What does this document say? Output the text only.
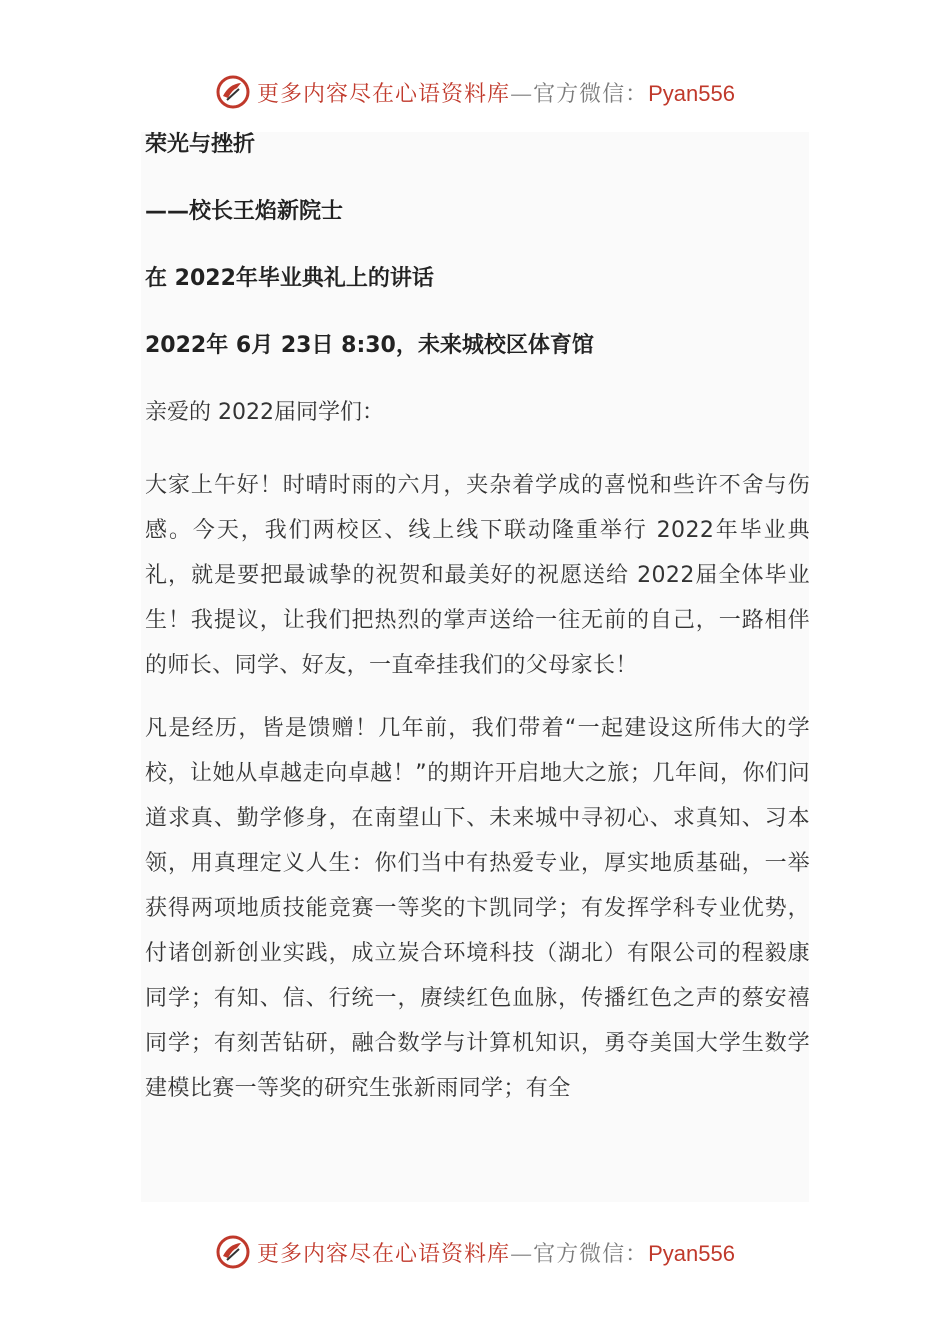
更多内容尽在心语资料库—官方微信：Pyan556

荣光与挫折

——校长王焰新院士

在 2022年毕业典礼上的讲话

2022年 6月 23日 8:30，未来城校区体育馆

亲爱的 2022届同学们：

大家上午好！时晴时雨的六月，夹杂着学成的喜悦和些许不舍与伤感。今天，我们两校区、线上线下联动隆重举行 2022年毕业典礼，就是要把最诚挚的祝贺和最美好的祝愿送给 2022届全体毕业生！我提议，让我们把热烈的掌声送给一往无前的自己，一路相伴的师长、同学、好友，一直牵挂我们的父母家长！

凡是经历，皆是馈赠！几年前，我们带着“一起建设这所伟大的学校，让她从卓越走向卓越！”的期许开启地大之旅；几年间，你们问道求真、勤学修身，在南望山下、未来城中寻初心、求真知、习本领，用真理定义人生：你们当中有热爱专业，厚实地质基础，一举获得两项地质技能竞赛一等奖的卞凯同学；有发挥学科专业优势，付诸创新创业实践，成立炭合环境科技（湖北）有限公司的程毅康同学；有知、信、行统一，赓续红色血脉，传播红色之声的蔡安禧同学；有刻苦钻研，融合数学与计算机知识，勇夺美国大学生数学建模比赛一等奖的研究生张新雨同学；有全

更多内容尽在心语资料库—官方微信：Pyan556
